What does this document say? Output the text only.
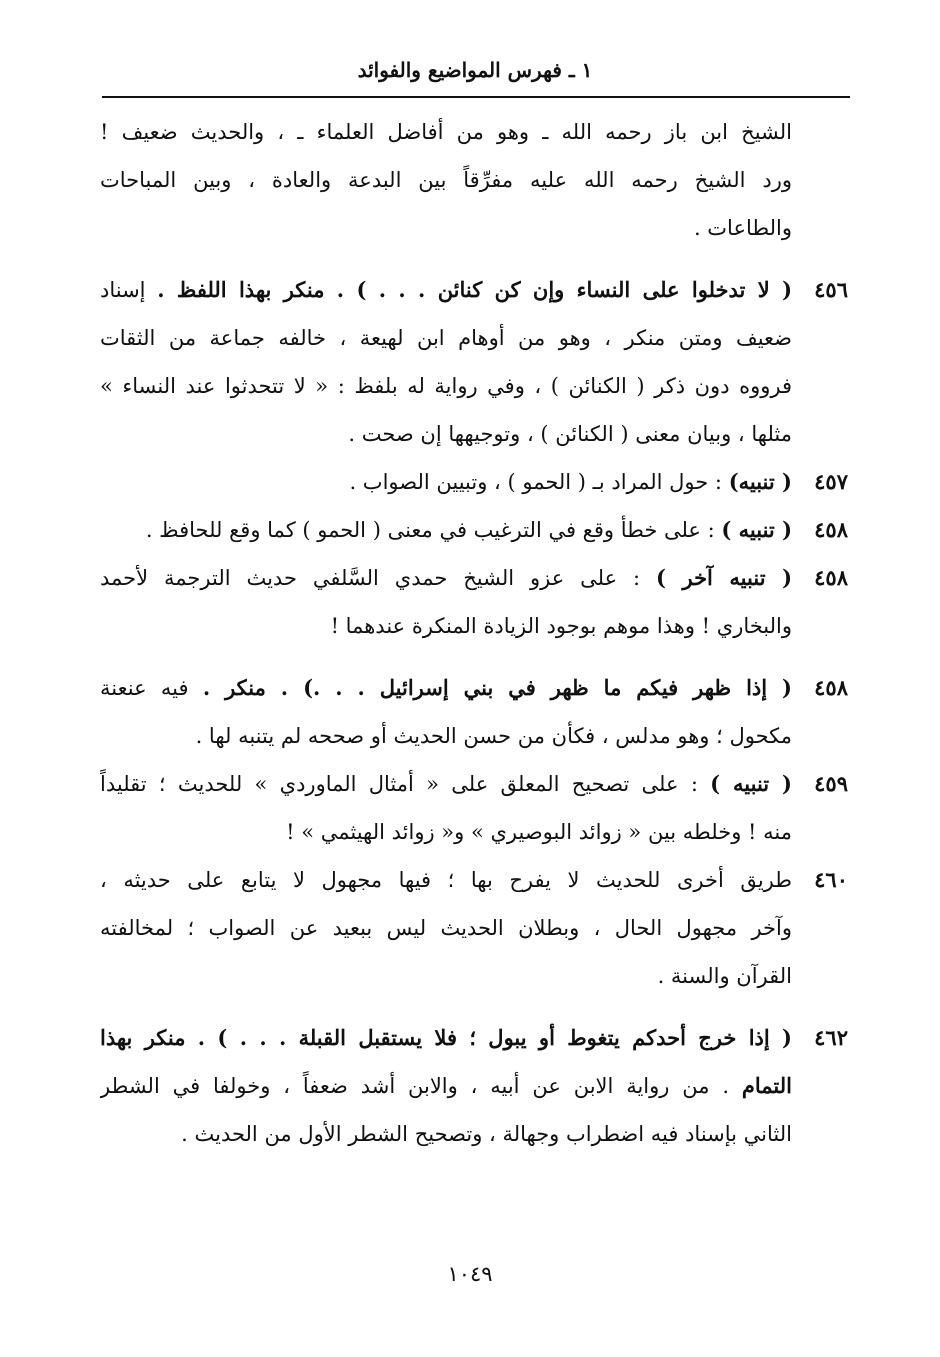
١ ـ فهرس المواضيع والفوائد
الشيخ ابن باز رحمه الله ـ وهو من أفاضل العلماء ـ ، والحديث ضعيف !
ورد الشيخ رحمه الله عليه مفرِّقاً بين البدعة والعادة ، وبين المباحات
والطاعات .
٤٥٦
( لا تدخلوا على النساء وإن كن كنائن . . . ) . منكر بهذا اللفظ . إسناد
ضعيف ومتن منكر ، وهو من أوهام ابن لهيعة ، خالفه جماعة من الثقات
فرووه دون ذكر ( الكنائن ) ، وفي رواية له بلفظ : « لا تتحدثوا عند النساء »
مثلها ، وبيان معنى ( الكنائن ) ، وتوجيهها إن صحت .
٤٥٧
( تنبيه) : حول المراد بـ ( الحمو ) ، وتبيين الصواب .
٤٥٨
( تنبيه ) : على خطأ وقع في الترغيب في معنى ( الحمو ) كما وقع للحافظ .
٤٥٨
( تنبيه آخر ) : على عزو الشيخ حمدي السَّلفي حديث الترجمة لأحمد
والبخاري ! وهذا موهم بوجود الزيادة المنكرة عندهما !
٤٥٨
( إذا ظهر فيكم ما ظهر في بني إسرائيل . . .) . منكر . فيه عنعنة
مكحول ؛ وهو مدلس ، فكأن من حسن الحديث أو صححه لم يتنبه لها .
٤٥٩
( تنبيه ) : على تصحيح المعلق على « أمثال الماوردي » للحديث ؛ تقليداً
منه ! وخلطه بين « زوائد البوصيري » و« زوائد الهيثمي » !
٤٦٠
طريق أخرى للحديث لا يفرح بها ؛ فيها مجهول لا يتابع على حديثه ،
وآخر مجهول الحال ، وبطلان الحديث ليس ببعيد عن الصواب ؛ لمخالفته
القرآن والسنة .
٤٦٢
( إذا خرج أحدكم يتغوط أو يبول ؛ فلا يستقبل القبلة . . . ) . منكر بهذا
التمام . من رواية الابن عن أبيه ، والابن أشد ضعفاً ، وخولفا في الشطر
الثاني بإسناد فيه اضطراب وجهالة ، وتصحيح الشطر الأول من الحديث .
١٠٤٩
